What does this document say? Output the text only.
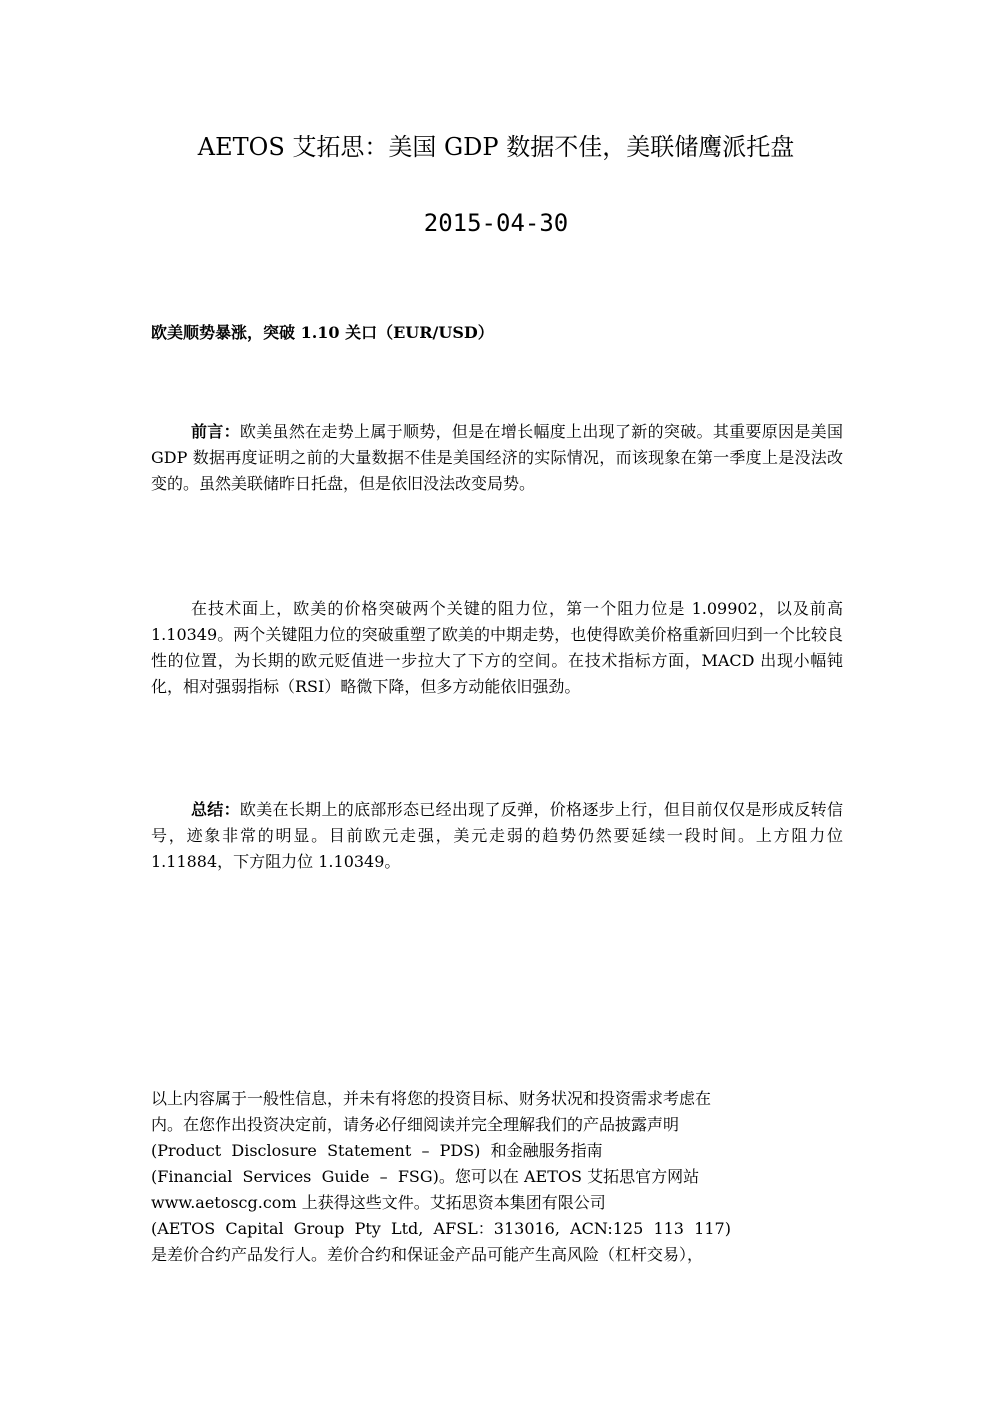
AETOS 艾拓思：美国 GDP 数据不佳，美联储鹰派托盘
2015-04-30
欧美顺势暴涨，突破 1.10 关口（EUR/USD）

前言：欧美虽然在走势上属于顺势，但是在增长幅度上出现了新的突破。其重要原因是美国 GDP 数据再度证明之前的大量数据不佳是美国经济的实际情况，而该现象在第一季度上是没法改变的。虽然美联储昨日托盘，但是依旧没法改变局势。

在技术面上，欧美的价格突破两个关键的阻力位，第一个阻力位是 1.09902，以及前高 1.10349。两个关键阻力位的突破重塑了欧美的中期走势，也使得欧美价格重新回归到一个比较良性的位置，为长期的欧元贬值进一步拉大了下方的空间。在技术指标方面，MACD 出现小幅钝化，相对强弱指标（RSI）略微下降，但多方动能依旧强劲。

总结：欧美在长期上的底部形态已经出现了反弹，价格逐步上行，但目前仅仅是形成反转信号，迹象非常的明显。目前欧元走强，美元走弱的趋势仍然要延续一段时间。上方阻力位 1.11884，下方阻力位 1.10349。

以上内容属于一般性信息，并未有将您的投资目标、财务状况和投资需求考虑在
内。在您作出投资决定前，请务必仔细阅读并完全理解我们的产品披露声明
(Product  Disclosure  Statement  –  PDS)  和金融服务指南
(Financial  Services  Guide  –  FSG)。您可以在 AETOS 艾拓思官方网站
www.aetoscg.com 上获得这些文件。艾拓思资本集团有限公司
(AETOS  Capital  Group  Pty  Ltd,  AFSL：313016,  ACN:125  113  117)
是差价合约产品发行人。差价合约和保证金产品可能产生高风险（杠杆交易），
